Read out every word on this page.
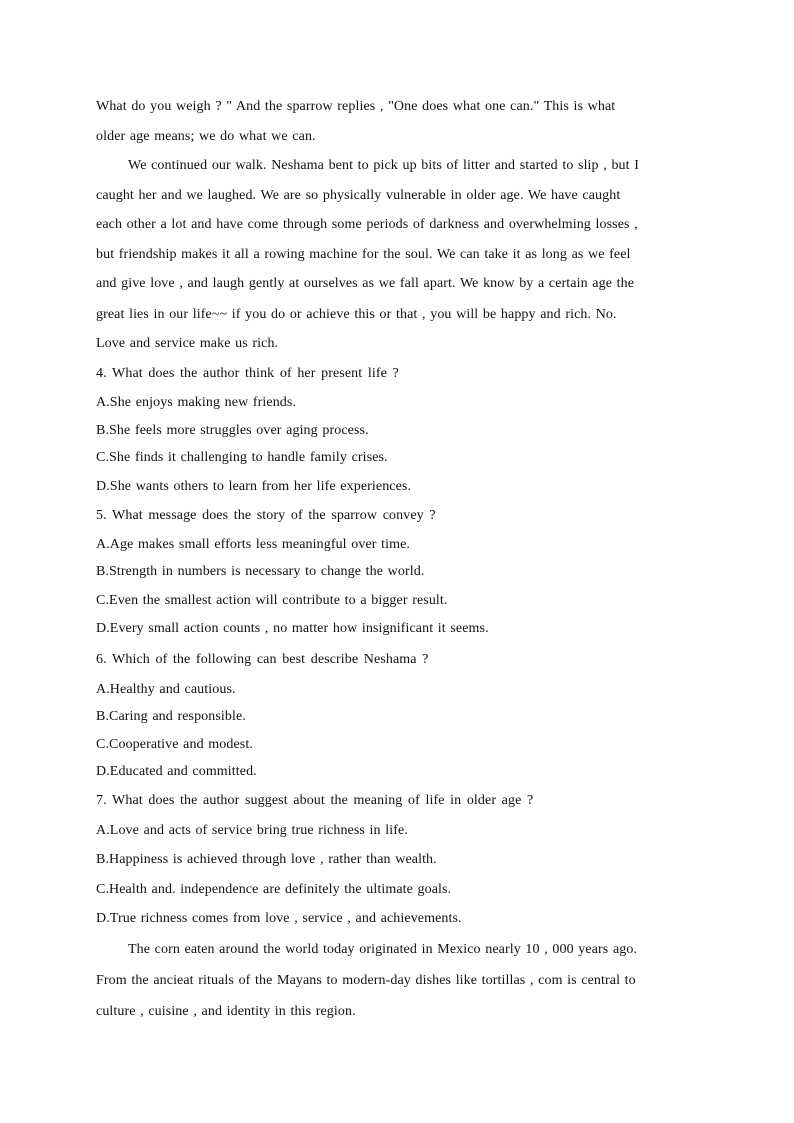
What do you weigh ? " And the sparrow replies , "One does what one can." This is what
older age means; we do what we can.
We continued our walk. Neshama bent to pick up bits of litter and started to slip , but I
caught her and we laughed. We are so physically vulnerable in older age. We have caught
each other a lot and have come through some periods of darkness and overwhelming losses ,
but friendship makes it all a rowing machine for the soul. We can take it as long as we feel
and give love , and laugh gently at ourselves as we fall apart. We know by a certain age the
great lies in our life~~ if you do or achieve this or that , you will be happy and rich. No.
Love and service make us rich.
4. What does the author think of her present life ?
A.She enjoys making new friends.
B.She feels more struggles over aging process.
C.She finds it challenging to handle family crises.
D.She wants others to learn from her life experiences.
5. What message does the story of the sparrow convey ?
A.Age makes small efforts less meaningful over time.
B.Strength in numbers is necessary to change the world.
C.Even the smallest action will contribute to a bigger result.
D.Every small action counts , no matter how insignificant it seems.
6. Which of the following can best describe Neshama ?
A.Healthy and cautious.
B.Caring and responsible.
C.Cooperative and modest.
D.Educated and committed.
7. What does the author suggest about the meaning of life in older age ?
A.Love and acts of service bring true richness in life.
B.Happiness is achieved through love , rather than wealth.
C.Health and. independence are definitely the ultimate goals.
D.True richness comes from love , service , and achievements.
The corn eaten around the world today originated in Mexico nearly 10 , 000 years ago.
From the ancieat rituals of the Mayans to modern-day dishes like tortillas , com is central to
culture , cuisine , and identity in this region.
